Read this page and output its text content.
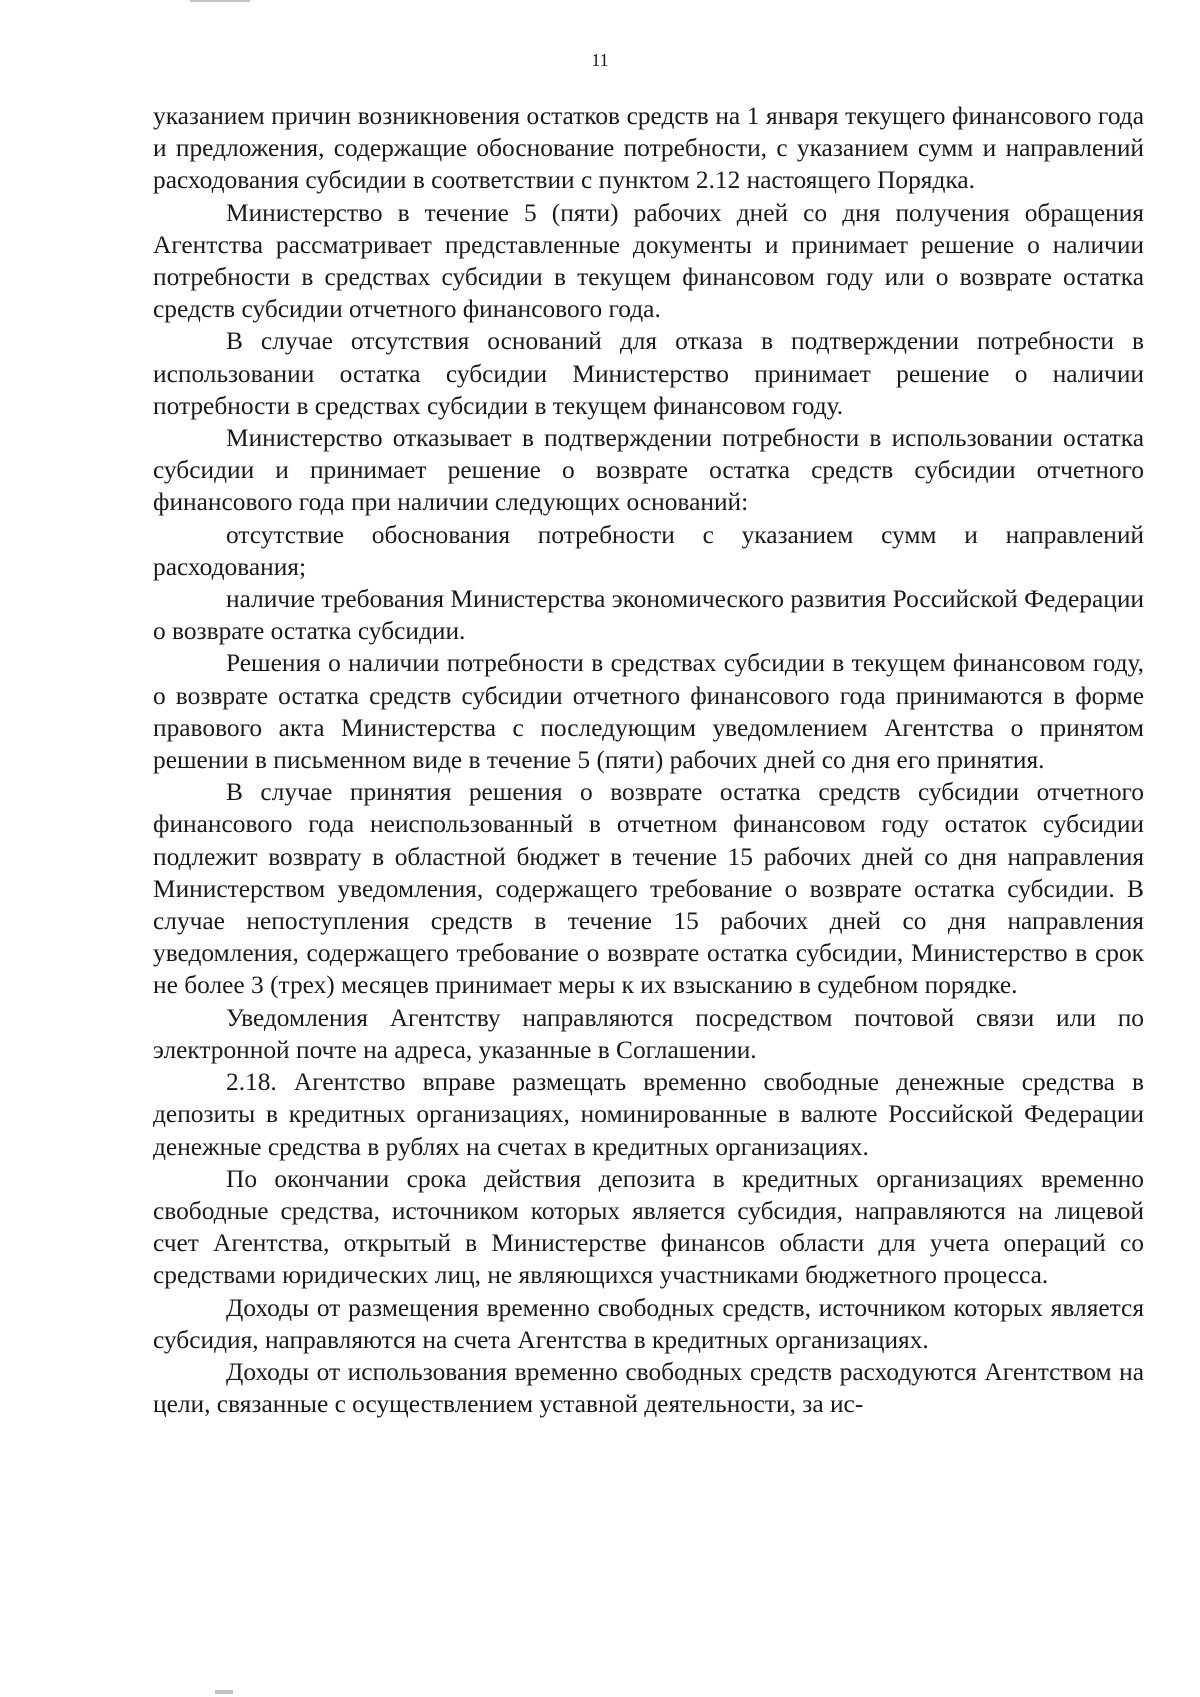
11

указанием причин возникновения остатков средств на 1 января текущего финансового года и предложения, содержащие обоснование потребности, с указанием сумм и направлений расходования субсидии в соответствии с пунктом 2.12 настоящего Порядка.

Министерство в течение 5 (пяти) рабочих дней со дня получения обращения Агентства рассматривает представленные документы и принимает решение о наличии потребности в средствах субсидии в текущем финансовом году или о возврате остатка средств субсидии отчетного финансового года.

В случае отсутствия оснований для отказа в подтверждении потребности в использовании остатка субсидии Министерство принимает решение о наличии потребности в средствах субсидии в текущем финансовом году.

Министерство отказывает в подтверждении потребности в использовании остатка субсидии и принимает решение о возврате остатка средств субсидии отчетного финансового года при наличии следующих оснований:

отсутствие обоснования потребности с указанием сумм и направлений расходования;

наличие требования Министерства экономического развития Российской Федерации о возврате остатка субсидии.

Решения о наличии потребности в средствах субсидии в текущем финансовом году, о возврате остатка средств субсидии отчетного финансового года принимаются в форме правового акта Министерства с последующим уведомлением Агентства о принятом решении в письменном виде в течение 5 (пяти) рабочих дней со дня его принятия.

В случае принятия решения о возврате остатка средств субсидии отчетного финансового года неиспользованный в отчетном финансовом году остаток субсидии подлежит возврату в областной бюджет в течение 15 рабочих дней со дня направления Министерством уведомления, содержащего требование о возврате остатка субсидии. В случае непоступления средств в течение 15 рабочих дней со дня направления уведомления, содержащего требование о возврате остатка субсидии, Министерство в срок не более 3 (трех) месяцев принимает меры к их взысканию в судебном порядке.

Уведомления Агентству направляются посредством почтовой связи или по электронной почте на адреса, указанные в Соглашении.

2.18. Агентство вправе размещать временно свободные денежные средства в депозиты в кредитных организациях, номинированные в валюте Российской Федерации денежные средства в рублях на счетах в кредитных организациях.

По окончании срока действия депозита в кредитных организациях временно свободные средства, источником которых является субсидия, направляются на лицевой счет Агентства, открытый в Министерстве финансов области для учета операций со средствами юридических лиц, не являющихся участниками бюджетного процесса.

Доходы от размещения временно свободных средств, источником которых является субсидия, направляются на счета Агентства в кредитных организациях.

Доходы от использования временно свободных средств расходуются Агентством на цели, связанные с осуществлением уставной деятельности, за ис-
